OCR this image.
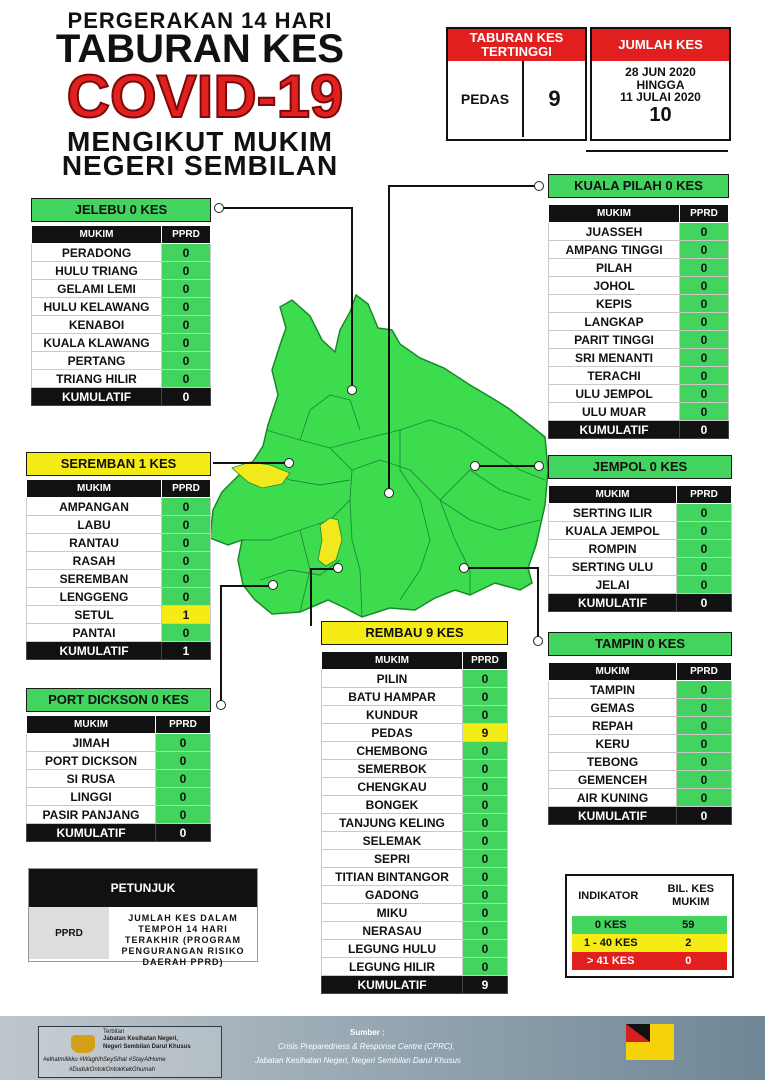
PERGERAKAN 14 HARI
TABURAN KES
COVID-19
MENGIKUT MUKIM
NEGERI SEMBILAN
TABURAN KES TERTINGGI
PEDAS	9
JUMLAH KES
28 JUN 2020
HINGGA
11 JULAI 2020
10
JELEBU 0 KES
MUKIM	PPRD
PERADONG	0
HULU TRIANG	0
GELAMI LEMI	0
HULU KELAWANG	0
KENABOI	0
KUALA KLAWANG	0
PERTANG	0
TRIANG HILIR	0
KUMULATIF	0
SEREMBAN 1 KES
MUKIM	PPRD
AMPANGAN	0
LABU	0
RANTAU	0
RASAH	0
SEREMBAN	0
LENGGENG	0
SETUL	1
PANTAI	0
KUMULATIF	1
PORT DICKSON 0 KES
MUKIM	PPRD
JIMAH	0
PORT DICKSON	0
SI RUSA	0
LINGGI	0
PASIR PANJANG	0
KUMULATIF	0
KUALA PILAH 0 KES
MUKIM	PPRD
JUASSEH	0
AMPANG TINGGI	0
PILAH	0
JOHOL	0
KEPIS	0
LANGKAP	0
PARIT TINGGI	0
SRI MENANTI	0
TERACHI	0
ULU JEMPOL	0
ULU MUAR	0
KUMULATIF	0
JEMPOL 0 KES
MUKIM	PPRD
SERTING ILIR	0
KUALA JEMPOL	0
ROMPIN	0
SERTING ULU	0
JELAI	0
KUMULATIF	0
TAMPIN 0 KES
MUKIM	PPRD
TAMPIN	0
GEMAS	0
REPAH	0
KERU	0
TEBONG	0
GEMENCEH	0
AIR KUNING	0
KUMULATIF	0
REMBAU 9 KES
MUKIM	PPRD
PILIN	0
BATU HAMPAR	0
KUNDUR	0
PEDAS	9
CHEMBONG	0
SEMERBOK	0
CHENGKAU	0
BONGEK	0
TANJUNG KELING	0
SELEMAK	0
SEPRI	0
TITIAN BINTANGOR	0
GADONG	0
MIKU	0
NERASAU	0
LEGUNG HULU	0
LEGUNG HILIR	0
KUMULATIF	9
PETUNJUK
PPRD
JUMLAH KES DALAM TEMPOH 14 HARI TERAKHIR (PROGRAM PENGURANGAN RISIKO DAERAH PPRD)
INDIKATOR
BIL. KES MUKIM
0 KES	59
1 - 40 KES	2
> 41 KES	0
Terbitan
Jabatan Kesihatan Negeri,
Negeri Sembilan Darul Khusus
#elhatmilikku #WaghihSeySihat #StayAtHome
#DudukOntokOntokKekGhumah
Sumber :
Crisis Preparedness & Response Centre (CPRC),
Jabatan Kesihatan Negeri, Negeri Sembilan Darul Khusus
